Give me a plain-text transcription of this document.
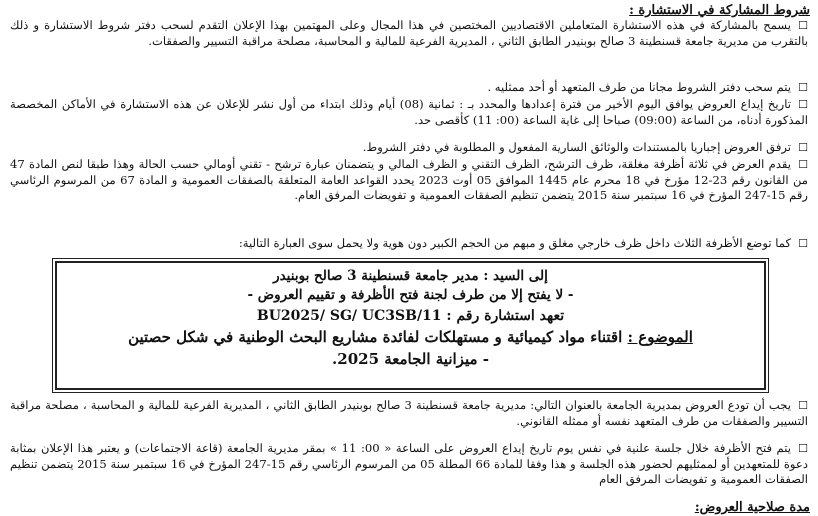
شروط المشاركة في الاستشارة :

☐
يسمح بالمشاركة في هذه الاستشارة المتعاملين الاقتصاديين المختصين في هذا المجال وعلى المهتمين بهذا الإعلان التقدم لسحب دفتر شروط الاستشارة و ذلك بالتقرب من مديرية جامعة قسنطينة 3 صالح بوبنيدر الطابق الثاني ، المديرية الفرعية للمالية و المحاسبة، مصلحة مراقبة التسيير والصفقات.

☐
يتم سحب دفتر الشروط مجانا من طرف المتعهد أو أحد ممثليه .

☐
تاريخ إيداع العروض يوافق اليوم الأخير من فترة إعدادها والمحدد بـ : ثمانية (08) أيام وذلك ابتداء من أول نشر للإعلان عن هذه الاستشارة في الأماكن المخصصة المذكورة أدناه، من الساعة (09:00) صباحا إلى غاية الساعة (00: 11) كأقصى حد.

☐
ترفق العروض إجباريا بالمستندات والوثائق السارية المفعول و المطلوبة في دفتر الشروط.

☐
يقدم العرض في ثلاثة أظرفة مغلقة، ظرف الترشح، الظرف التقني و الظرف المالي و يتضمنان عبارة ترشح - تقني أومالي حسب الحالة وهذا طبقا لنص المادة 47 من القانون رقم 23-12 مؤرخ في 18 محرم عام 1445 الموافق 05 أوت 2023 يحدد القواعد العامة المتعلقة بالصفقات العمومية و المادة 67 من المرسوم الرئاسي رقم 15-247 المؤرخ في 16 سبتمبر سنة 2015 يتضمن تنظيم الصفقات العمومية و تفويضات المرفق العام.

☐
كما توضع الأظرفة الثلاث داخل ظرف خارجي مغلق و مبهم من الحجم الكبير دون هوية ولا يحمل سوى العبارة التالية:

إلى السيد : مدير جامعة قسنطينة 3 صالح بوبنيدر
- لا يفتح إلا من طرف لجنة فتح الأظرفة و تقييم العروض -
تعهد استشارة رقم : BU2025/ SG/ UC3SB/11
الموضوع : اقتناء مواد كيميائية و مستهلكات لفائدة مشاريع البحث الوطنية في شكل حصتين
- ميزانية الجامعة 2025.

☐
يجب أن تودع العروض بمديرية الجامعة بالعنوان التالي: مديرية جامعة قسنطينة 3 صالح بوبنيدر الطابق الثاني ، المديرية الفرعية للمالية و المحاسبة ، مصلحة مراقبة التسيير والصفقات من طرف المتعهد نفسه أو ممثله القانوني.

☐
يتم فتح الأظرفة خلال جلسة علنية في نفس يوم تاريخ إيداع العروض على الساعة « 00: 11 » بمقر مديرية الجامعة (قاعة الاجتماعات) و يعتبر هذا الإعلان بمثابة دعوة للمتعهدين أو لممثليهم لحضور هذه الجلسة و هذا وفقا للمادة 66 المطلة 05 من المرسوم الرئاسي رقم 15-247 المؤرخ في 16 سبتمبر سنة 2015 يتضمن تنظيم الصفقات العمومية و تفويضات المرفق العام

مدة صلاحية العروض:
